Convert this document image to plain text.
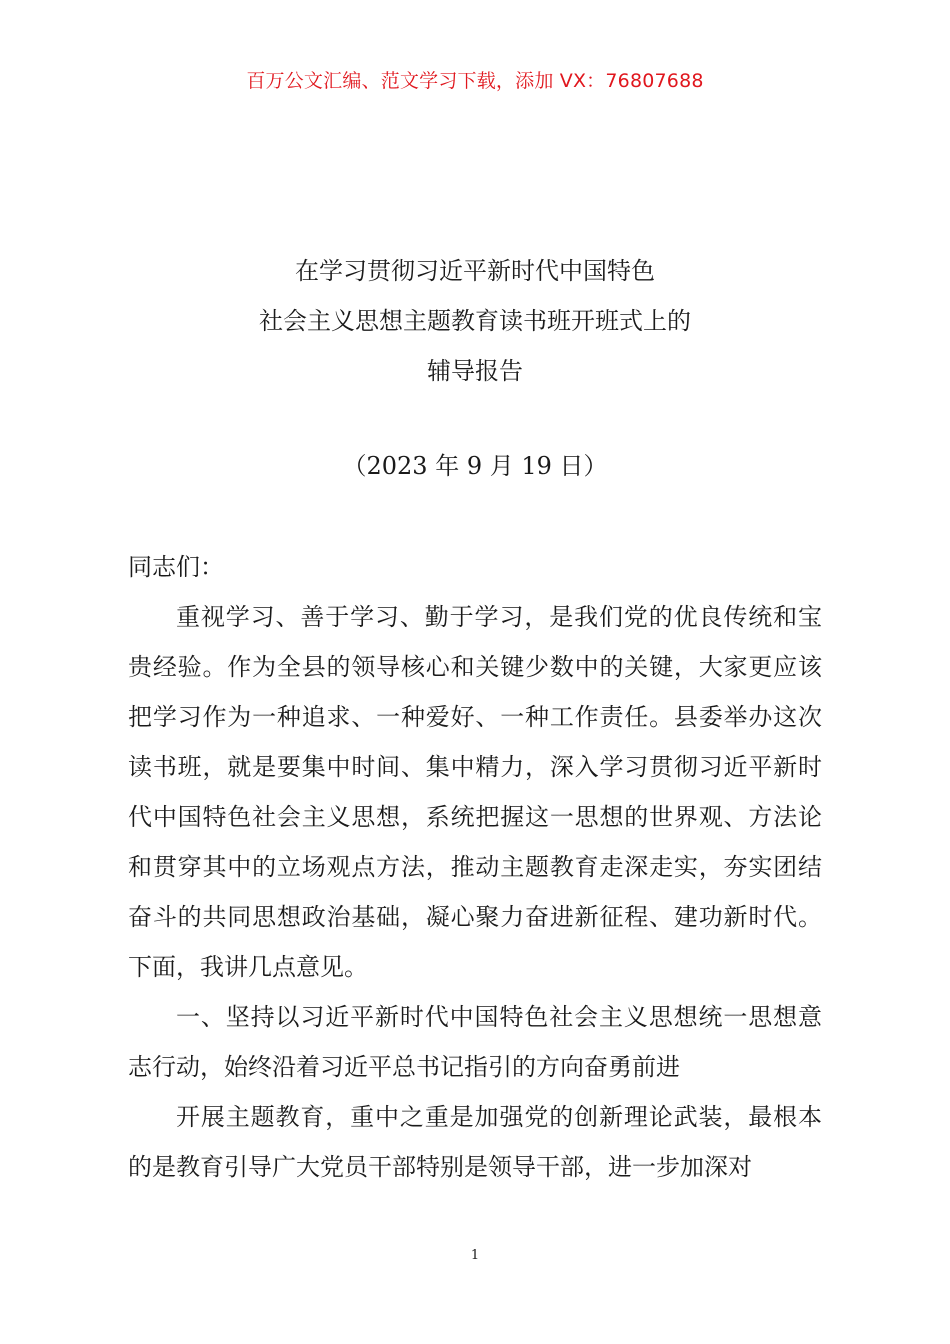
百万公文汇编、范文学习下载，添加 VX：76807688
在学习贯彻习近平新时代中国特色
社会主义思想主题教育读书班开班式上的
辅导报告
（2023 年 9 月 19 日）

同志们：

重视学习、善于学习、勤于学习，是我们党的优良传统和宝贵经验。作为全县的领导核心和关键少数中的关键，大家更应该把学习作为一种追求、一种爱好、一种工作责任。县委举办这次读书班，就是要集中时间、集中精力，深入学习贯彻习近平新时代中国特色社会主义思想，系统把握这一思想的世界观、方法论和贯穿其中的立场观点方法，推动主题教育走深走实，夯实团结奋斗的共同思想政治基础，凝心聚力奋进新征程、建功新时代。下面，我讲几点意见。

一、坚持以习近平新时代中国特色社会主义思想统一思想意志行动，始终沿着习近平总书记指引的方向奋勇前进

开展主题教育，重中之重是加强党的创新理论武装，最根本的是教育引导广大党员干部特别是领导干部，进一步加深对

1
